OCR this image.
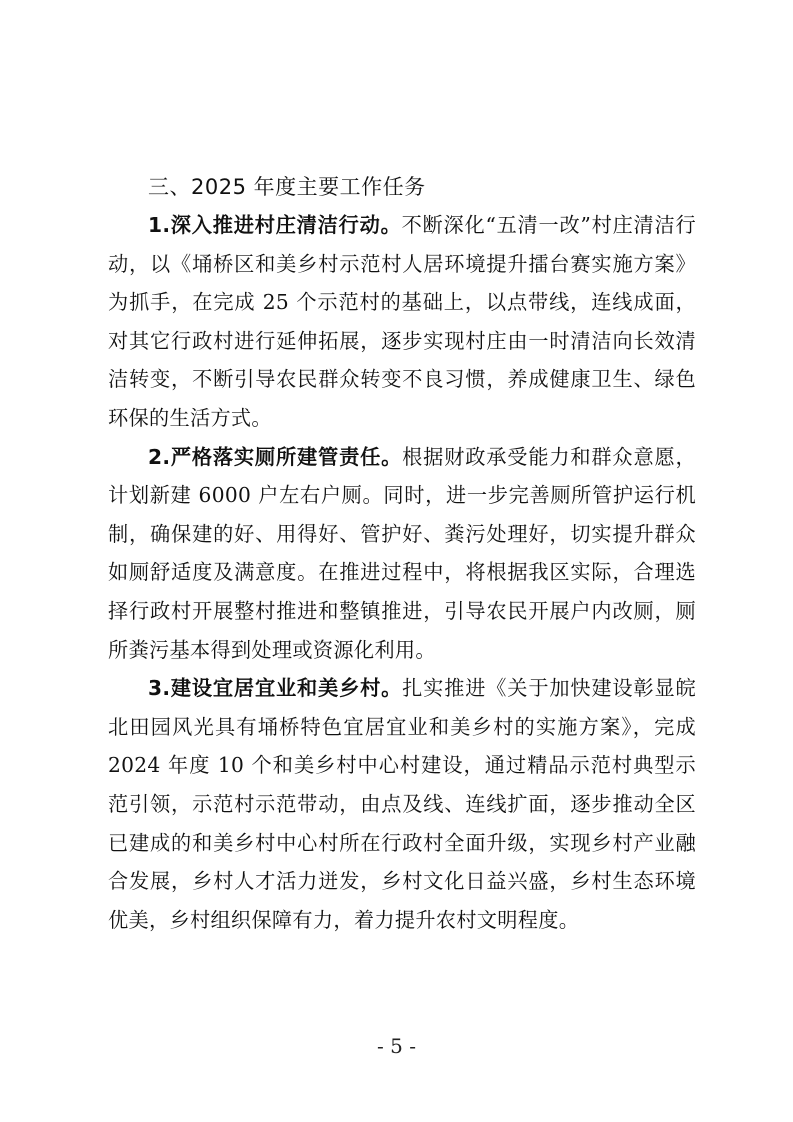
三、2025 年度主要工作任务

1.深入推进村庄清洁行动。不断深化“五清一改”村庄清洁行动，以《埇桥区和美乡村示范村人居环境提升擂台赛实施方案》为抓手，在完成 25 个示范村的基础上，以点带线，连线成面，对其它行政村进行延伸拓展，逐步实现村庄由一时清洁向长效清洁转变，不断引导农民群众转变不良习惯，养成健康卫生、绿色环保的生活方式。

2.严格落实厕所建管责任。根据财政承受能力和群众意愿，计划新建 6000 户左右户厕。同时，进一步完善厕所管护运行机制，确保建的好、用得好、管护好、粪污处理好，切实提升群众如厕舒适度及满意度。在推进过程中，将根据我区实际，合理选择行政村开展整村推进和整镇推进，引导农民开展户内改厕，厕所粪污基本得到处理或资源化利用。

3.建设宜居宜业和美乡村。扎实推进《关于加快建设彰显皖北田园风光具有埇桥特色宜居宜业和美乡村的实施方案》，完成 2024 年度 10 个和美乡村中心村建设，通过精品示范村典型示范引领，示范村示范带动，由点及线、连线扩面，逐步推动全区已建成的和美乡村中心村所在行政村全面升级，实现乡村产业融合发展，乡村人才活力迸发，乡村文化日益兴盛，乡村生态环境优美，乡村组织保障有力，着力提升农村文明程度。

- 5 -
